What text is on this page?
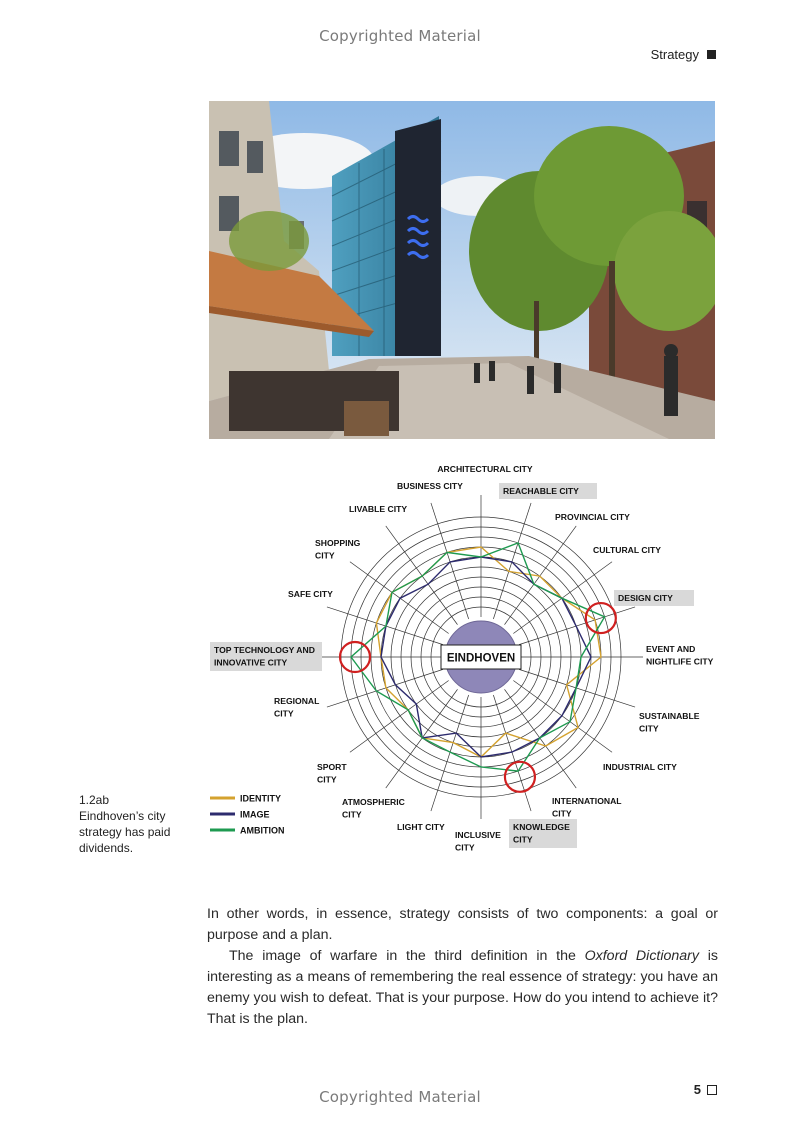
Copyrighted Material
Strategy
EINDHOVEN
ARCHITECTURAL CITY
REACHABLE CITY
PROVINCIAL CITY
CULTURAL CITY
DESIGN CITY
EVENT AND NIGHTLIFE CITY
SUSTAINABLE CITY
INDUSTRIAL CITY
INTERNATIONAL CITY
KNOWLEDGE CITY
INCLUSIVE CITY
LIGHT CITY
ATMOSPHERIC CITY
SPORT CITY
REGIONAL CITY
TOP TECHNOLOGY AND INNOVATIVE CITY
SAFE CITY
SHOPPING CITY
LIVABLE CITY
BUSINESS CITY
IDENTITY
IMAGE
AMBITION
1.2ab
Eindhoven’s city strategy has paid dividends.

In other words, in essence, strategy consists of two components: a goal or purpose and a plan.

The image of warfare in the third definition in the Oxford Dictionary is interesting as a means of remembering the real essence of strategy: you have an enemy you wish to defeat. That is your purpose. How do you intend to achieve it? That is the plan.

5
Copyrighted Material
